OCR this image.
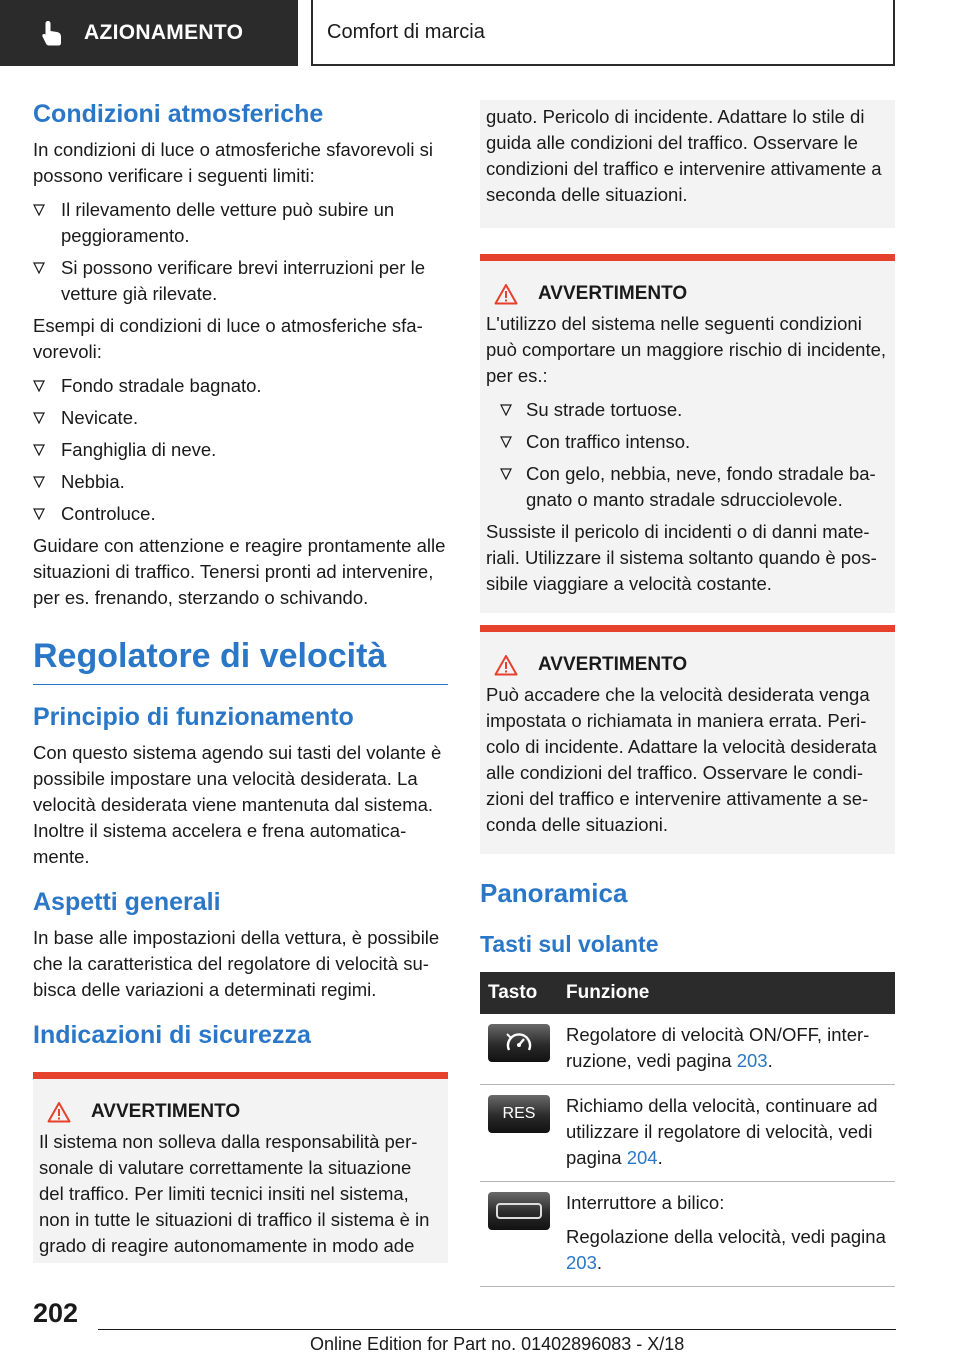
AZIONAMENTO	Comfort di marcia
Condizioni atmosferiche

In condizioni di luce o atmosferiche sfavorevoli si possono verificare i seguenti limiti:

Il rilevamento delle vetture può subire un peggioramento.
Si possono verificare brevi interruzioni per le vetture già rilevate.

Esempi di condizioni di luce o atmosferiche sfavorevoli:

Fondo stradale bagnato.
Nevicate.
Fanghiglia di neve.
Nebbia.
Controluce.

Guidare con attenzione e reagire prontamente alle situazioni di traffico. Tenersi pronti ad intervenire, per es. frenando, sterzando o schivando.

Regolatore di velocità
Principio di funzionamento

Con questo sistema agendo sui tasti del volante è possibile impostare una velocità desiderata. La velocità desiderata viene mantenuta dal sistema. Inoltre il sistema accelera e frena automaticamente.

Aspetti generali

In base alle impostazioni della vettura, è possibile che la caratteristica del regolatore di velocità subisca delle variazioni a determinati regimi.

Indicazioni di sicurezza
AVVERTIMENTO

Il sistema non solleva dalla responsabilità personale di valutare correttamente la situazione del traffico. Per limiti tecnici insiti nel sistema, non in tutte le situazioni di traffico il sistema è in grado di reagire autonomamente in modo ade

guato. Pericolo di incidente. Adattare lo stile di guida alle condizioni del traffico. Osservare le condizioni del traffico e intervenire attivamente a seconda delle situazioni.

AVVERTIMENTO

L'utilizzo del sistema nelle seguenti condizioni può comportare un maggiore rischio di incidente, per es.:

Su strade tortuose.
Con traffico intenso.
Con gelo, nebbia, neve, fondo stradale bagnato o manto stradale sdrucciolevole.

Sussiste il pericolo di incidenti o di danni materiali. Utilizzare il sistema soltanto quando è possibile viaggiare a velocità costante.

AVVERTIMENTO

Può accadere che la velocità desiderata venga impostata o richiamata in maniera errata. Pericolo di incidente. Adattare la velocità desiderata alle condizioni del traffico. Osservare le condizioni del traffico e intervenire attivamente a seconda delle situazioni.

Panoramica
Tasti sul volante
Tasto	Funzione

	Regolatore di velocità ON/OFF, interruzione, vedi pagina 203.

RES	Richiamo della velocità, continuare ad utilizzare il regolatore di velocità, vedi pagina 204.

Interruttore a bilico:
Regolazione della velocità, vedi pagina 203.
202
Online Edition for Part no. 01402896083 - X/18
